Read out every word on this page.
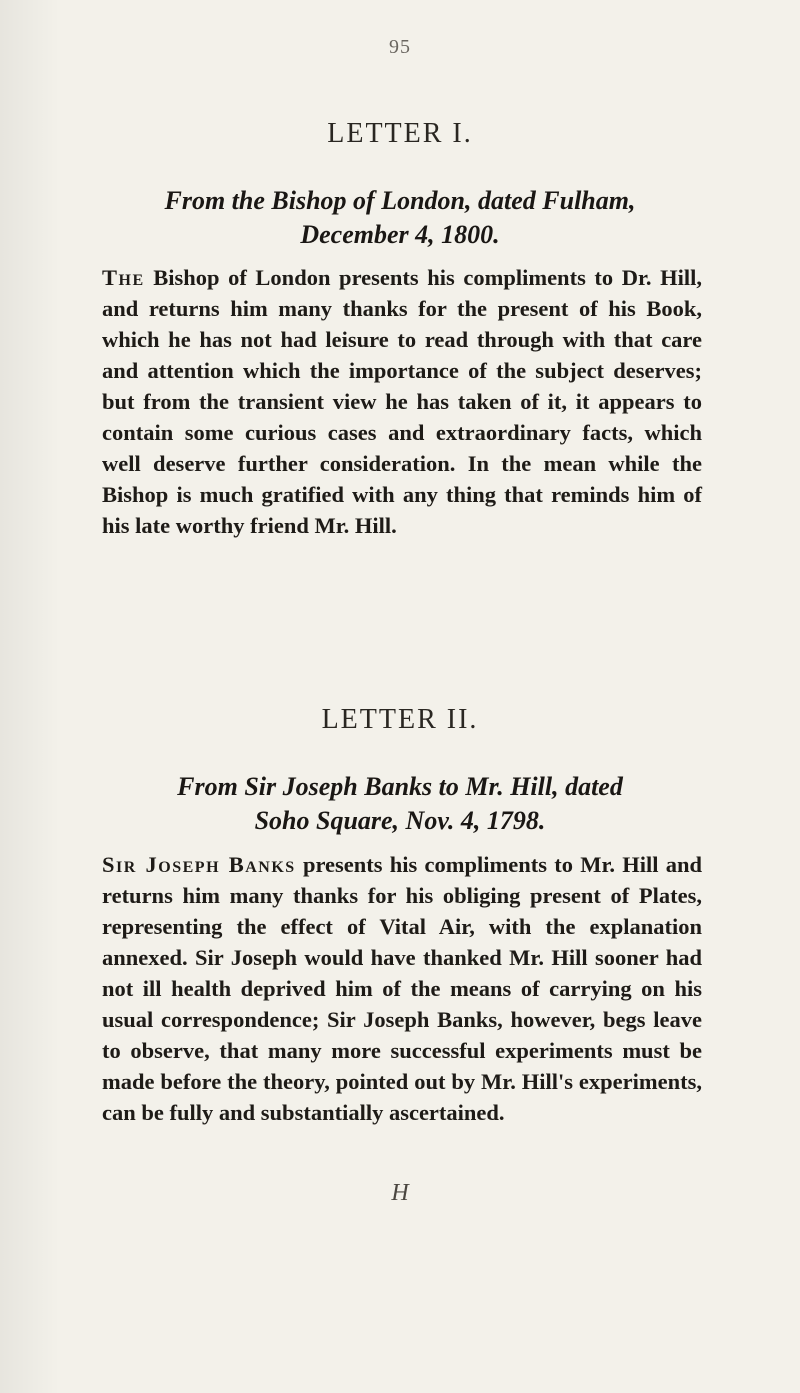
95
LETTER I.
From the Bishop of London, dated Fulham, December 4, 1800.
The Bishop of London presents his compliments to Dr. Hill, and returns him many thanks for the present of his Book, which he has not had leisure to read through with that care and attention which the importance of the subject deserves; but from the transient view he has taken of it, it appears to contain some curious cases and extraordinary facts, which well deserve further consideration. In the mean while the Bishop is much gratified with any thing that reminds him of his late worthy friend Mr. Hill.
LETTER II.
From Sir Joseph Banks to Mr. Hill, dated Soho Square, Nov. 4, 1798.
Sir Joseph Banks presents his compliments to Mr. Hill and returns him many thanks for his obliging present of Plates, representing the effect of Vital Air, with the explanation annexed. Sir Joseph would have thanked Mr. Hill sooner had not ill health deprived him of the means of carrying on his usual correspondence; Sir Joseph Banks, however, begs leave to observe, that many more successful experiments must be made before the theory, pointed out by Mr. Hill's experiments, can be fully and substantially ascertained.
H
